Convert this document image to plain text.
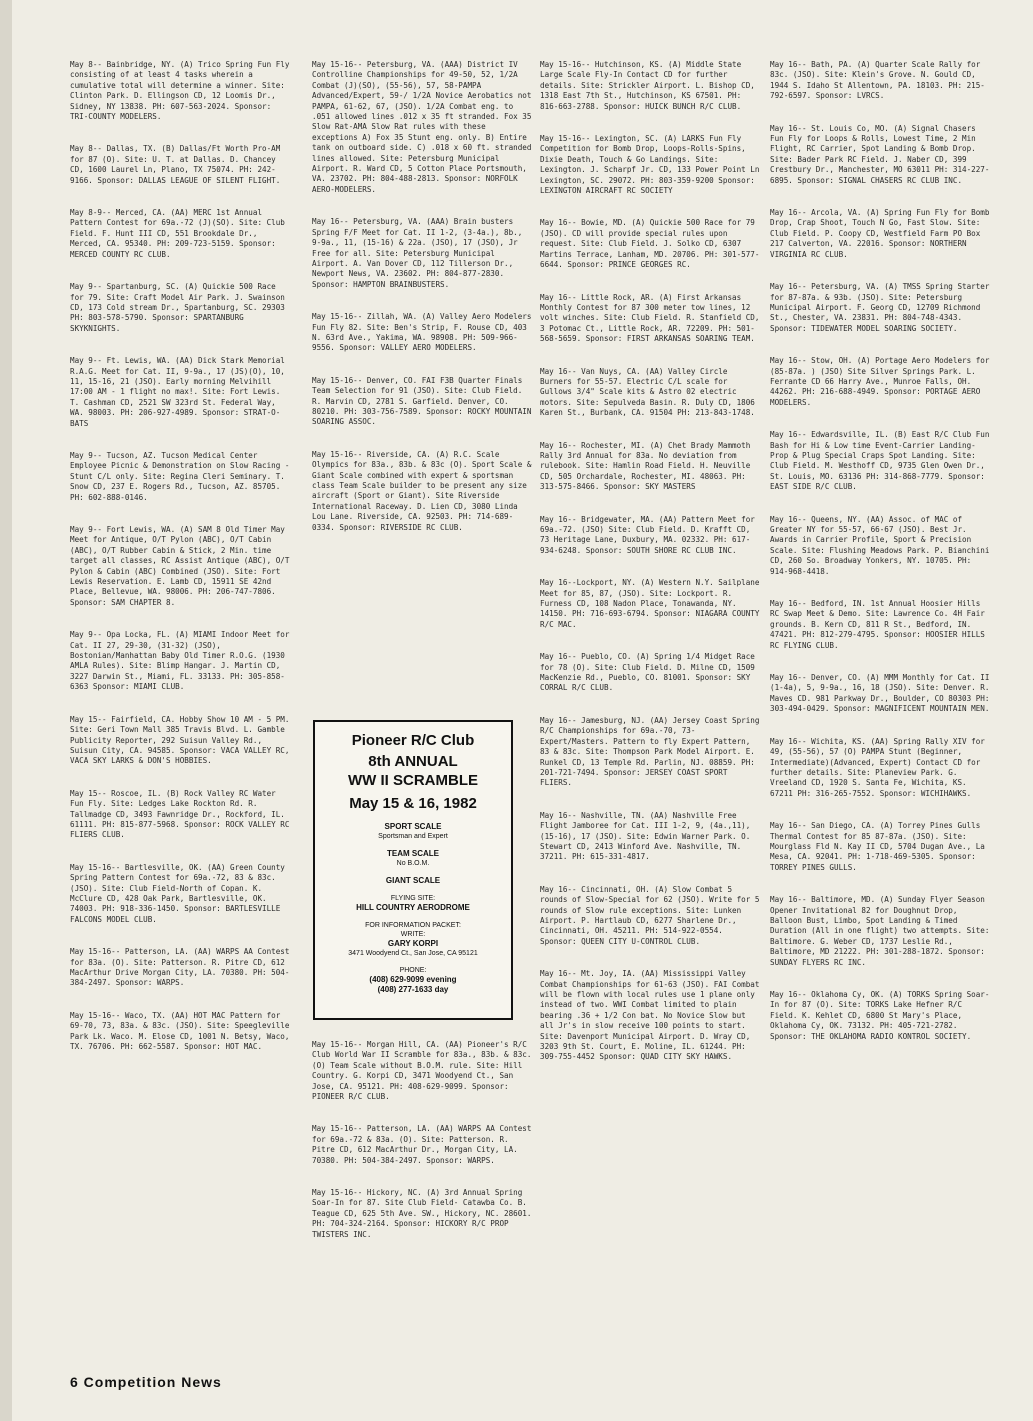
May 8-- Bainbridge, NY. (A) Trico Spring Fun Fly consisting of at least 4 tasks wherein a cumulative total will determine a winner. Site: Clinton Park. D. Ellingson CD, 12 Loomis Dr., Sidney, NY 13838. PH: 607-563-2024. Sponsor: TRI-COUNTY MODELERS.

May 8-- Dallas, TX. (B) Dallas/Ft Worth Pro-AM for 87 (O). Site: U. T. at Dallas. D. Chancey CD, 1600 Laurel Ln, Plano, TX 75074. PH: 242-9166. Sponsor: DALLAS LEAGUE OF SILENT FLIGHT.

May 8-9-- Merced, CA. (AA) MERC 1st Annual Pattern Contest for 69a.-72 (J)(SO). Site: Club Field. F. Hunt III CD, 551 Brookdale Dr., Merced, CA. 95340. PH: 209-723-5159. Sponsor: MERCED COUNTY RC CLUB.

May 9-- Spartanburg, SC. (A) Quickie 500 Race for 79. Site: Craft Model Air Park. J. Swainson CD, 173 Cold stream Dr., Spartanburg, SC. 29303 PH: 803-578-5790. Sponsor: SPARTANBURG SKYKNIGHTS.

May 9-- Ft. Lewis, WA. (AA) Dick Stark Memorial R.A.G. Meet for Cat. II, 9-9a., 17 (JS)(O), 10, 11, 15-16, 21 (JSO). Early morning Melvihill 17:00 AM - 1 flight no max!. Site: Fort Lewis. T. Cashman CD, 2521 SW 323rd St. Federal Way, WA. 98003. PH: 206-927-4989. Sponsor: STRAT-O-BATS

May 9-- Tucson, AZ. Tucson Medical Center Employee Picnic & Demonstration on Slow Racing - Stunt C/L only. Site: Regina Cleri Seminary. T. Snow CD, 237 E. Rogers Rd., Tucson, AZ. 85705. PH: 602-888-0146.

May 9-- Fort Lewis, WA. (A) SAM 8 Old Timer May Meet for Antique, O/T Pylon (ABC), O/T Cabin (ABC), O/T Rubber Cabin & Stick, 2 Min. time target all classes, RC Assist Antique (ABC), O/T Pylon & Cabin (ABC) Combined (JSO). Site: Fort Lewis Reservation. E. Lamb CD, 15911 SE 42nd Place, Bellevue, WA. 98006. PH: 206-747-7806. Sponsor: SAM CHAPTER 8.

May 9-- Opa Locka, FL. (A) MIAMI Indoor Meet for Cat. II 27, 29-30, (31-32) (JSO), Bostonian/Manhattan Baby Old Timer R.O.G. (1930 AMLA Rules). Site: Blimp Hangar. J. Martin CD, 3227 Darwin St., Miami, FL. 33133. PH: 305-858-6363 Sponsor: MIAMI CLUB.

May 15-- Fairfield, CA. Hobby Show 10 AM - 5 PM. Site: Geri Town Mall 385 Travis Blvd. L. Gamble Publicity Reporter, 292 Suisun Valley Rd., Suisun City, CA. 94585. Sponsor: VACA VALLEY RC, VACA SKY LARKS & DON'S HOBBIES.

May 15-- Roscoe, IL. (B) Rock Valley RC Water Fun Fly. Site: Ledges Lake Rockton Rd. R. Tallmadge CD, 3493 Fawnridge Dr., Rockford, IL. 61111. PH: 815-877-5968. Sponsor: ROCK VALLEY RC FLIERS CLUB.

May 15-16-- Bartlesville, OK. (AA) Green County Spring Pattern Contest for 69a.-72, 83 & 83c. (JSO). Site: Club Field-North of Copan. K. McClure CD, 428 Oak Park, Bartlesville, OK. 74003. PH: 918-336-1450. Sponsor: BARTLESVILLE FALCONS MODEL CLUB.

May 15-16-- Patterson, LA. (AA) WARPS AA Contest for 83a. (O). Site: Patterson. R. Pitre CD, 612 MacArthur Drive Morgan City, LA. 70380. PH: 504-384-2497. Sponsor: WARPS.

May 15-16-- Waco, TX. (AA) HOT MAC Pattern for 69-70, 73, 83a. & 83c. (JSO). Site: Speegleville Park Lk. Waco. M. Elose CD, 1001 N. Betsy, Waco, TX. 76706. PH: 662-5587. Sponsor: HOT MAC.

May 15-16-- Petersburg, VA. (AAA) District IV Controlline Championships for 49-50, 52, 1/2A Combat (J)(SO), (55-56), 57, 58-PAMPA Advanced/Expert, 59-/ 1/2A Novice Aerobatics not PAMPA, 61-62, 67, (JSO). 1/2A Combat eng. to .051 allowed lines .012 x 35 ft stranded. Fox 35 Slow Rat-AMA Slow Rat rules with these exceptions A) Fox 35 Stunt eng. only. B) Entire tank on outboard side. C) .018 x 60 ft. stranded lines allowed. Site: Petersburg Municipal Airport. R. Ward CD, 5 Cotton Place Portsmouth, VA. 23702. PH: 804-488-2813. Sponsor: NORFOLK AERO-MODELERS.

May 16-- Petersburg, VA. (AAA) Brain busters Spring F/F Meet for Cat. II 1-2, (3-4a.), 8b., 9-9a., 11, (15-16) & 22a. (JSO), 17 (JSO), Jr Free for all. Site: Petersburg Municipal Airport. A. Van Dover CD, 112 Tillerson Dr., Newport News, VA. 23602. PH: 804-877-2830. Sponsor: HAMPTON BRAINBUSTERS.

May 15-16-- Zillah, WA. (A) Valley Aero Modelers Fun Fly 82. Site: Ben's Strip, F. Rouse CD, 403 N. 63rd Ave., Yakima, WA. 98908. PH: 509-966-9556. Sponsor: VALLEY AERO MODELERS.

May 15-16-- Denver, CO. FAI F3B Quarter Finals Team Selection for 91 (JSO). Site: Club Field. R. Marvin CD, 2781 S. Garfield. Denver, CO. 80210. PH: 303-756-7589. Sponsor: ROCKY MOUNTAIN SOARING ASSOC.

May 15-16-- Riverside, CA. (A) R.C. Scale Olympics for 83a., 83b. & 83c (O). Sport Scale & Giant Scale combined with expert & sportsman class Team Scale builder to be present any size aircraft (Sport or Giant). Site Riverside International Raceway. D. Lien CD, 3080 Linda Lou Lane. Riverside, CA. 92503. PH: 714-689-0334. Sponsor: RIVERSIDE RC CLUB.

Pioneer R/C Club
8th ANNUAL
WW II SCRAMBLE
May 15 & 16, 1982
SPORT SCALE
Sportsman and Expert
TEAM SCALE
No B.O.M.
GIANT SCALE
FLYING SITE:
HILL COUNTRY AERODROME
FOR INFORMATION PACKET:
WRITE:
GARY KORPI
3471 Woodyend Ct., San Jose, CA 95121
PHONE:
(408) 629-9099 evening
(408) 277-1633 day

May 15-16-- Morgan Hill, CA. (AA) Pioneer's R/C Club World War II Scramble for 83a., 83b. & 83c. (O) Team Scale without B.O.M. rule. Site: Hill Country. G. Korpi CD, 3471 Woodyend Ct., San Jose, CA. 95121. PH: 408-629-9099. Sponsor: PIONEER R/C CLUB.

May 15-16-- Patterson, LA. (AA) WARPS AA Contest for 69a.-72 & 83a. (O). Site: Patterson. R. Pitre CD, 612 MacArthur Dr., Morgan City, LA. 70380. PH: 504-384-2497. Sponsor: WARPS.

May 15-16-- Hickory, NC. (A) 3rd Annual Spring Soar-In for 87. Site Club Field- Catawba Co. B. Teague CD, 625 5th Ave. SW., Hickory, NC. 28601. PH: 704-324-2164. Sponsor: HICKORY R/C PROP TWISTERS INC.

May 15-16-- Hutchinson, KS. (A) Middle State Large Scale Fly-In Contact CD for further details. Site: Strickler Airport. L. Bishop CD, 1318 East 7th St., Hutchinson, KS 67501. PH: 816-663-2788. Sponsor: HUICK BUNCH R/C CLUB.

May 15-16-- Lexington, SC. (A) LARKS Fun Fly Competition for Bomb Drop, Loops-Rolls-Spins, Dixie Death, Touch & Go Landings. Site: Lexington. J. Scharpf Jr. CD, 133 Power Point Ln Lexington, SC. 29072. PH: 803-359-9200 Sponsor: LEXINGTON AIRCRAFT RC SOCIETY

May 16-- Bowie, MD. (A) Quickie 500 Race for 79 (JSO). CD will provide special rules upon request. Site: Club Field. J. Solko CD, 6307 Martins Terrace, Lanham, MD. 20706. PH: 301-577-6644. Sponsor: PRINCE GEORGES RC.

May 16-- Little Rock, AR. (A) First Arkansas Monthly Contest for 87 300 meter tow lines, 12 volt winches. Site: Club Field. R. Stanfield CD, 3 Potomac Ct., Little Rock, AR. 72209. PH: 501-568-5659. Sponsor: FIRST ARKANSAS SOARING TEAM.

May 16-- Van Nuys, CA. (AA) Valley Circle Burners for 55-57. Electric C/L scale for Gullows 3/4" Scale kits & Astro 02 electric motors. Site: Sepulveda Basin. R. Duly CD, 1806 Karen St., Burbank, CA. 91504 PH: 213-843-1748.

May 16-- Rochester, MI. (A) Chet Brady Mammoth Rally 3rd Annual for 83a. No deviation from rulebook. Site: Hamlin Road Field. H. Neuville CD, 505 Orchardale, Rochester, MI. 48063. PH: 313-575-8466. Sponsor: SKY MASTERS

May 16-- Bridgewater, MA. (AA) Pattern Meet for 69a.-72. (JSO) Site: Club Field. D. Krafft CD, 73 Heritage Lane, Duxbury, MA. 02332. PH: 617-934-6248. Sponsor: SOUTH SHORE RC CLUB INC.

May 16--Lockport, NY. (A) Western N.Y. Sailplane Meet for 85, 87, (JSO). Site: Lockport. R. Furness CD, 108 Nadon Place, Tonawanda, NY. 14150. PH: 716-693-6794. Sponsor: NIAGARA COUNTY R/C MAC.

May 16-- Pueblo, CO. (A) Spring 1/4 Midget Race for 78 (O). Site: Club Field. D. Milne CD, 1509 MacKenzie Rd., Pueblo, CO. 81001. Sponsor: SKY CORRAL R/C CLUB.

May 16-- Jamesburg, NJ. (AA) Jersey Coast Spring R/C Championships for 69a.-70, 73-Expert/Masters. Pattern to fly Expert Pattern, 83 & 83c. Site: Thompson Park Model Airport. E. Runkel CD, 13 Temple Rd. Parlin, NJ. 08859. PH: 201-721-7494. Sponsor: JERSEY COAST SPORT FLIERS.

May 16-- Nashville, TN. (AA) Nashville Free Flight Jamboree for Cat. III 1-2, 9, (4a.,11), (15-16), 17 (JSO). Site: Edwin Warner Park. O. Stewart CD, 2413 Winford Ave. Nashville, TN. 37211. PH: 615-331-4817.

May 16-- Cincinnati, OH. (A) Slow Combat 5 rounds of Slow-Special for 62 (JSO). Write for 5 rounds of Slow rule exceptions. Site: Lunken Airport. P. Hartlaub CD, 6277 Sharlene Dr., Cincinnati, OH. 45211. PH: 514-922-0554. Sponsor: QUEEN CITY U-CONTROL CLUB.

May 16-- Mt. Joy, IA. (AA) Mississippi Valley Combat Championships for 61-63 (JSO). FAI Combat will be flown with local rules use 1 plane only instead of two. WWI Combat limited to plain bearing .36 + 1/2 Con bat. No Novice Slow but all Jr's in slow receive 100 points to start. Site: Davenport Municipal Airport. D. Wray CD, 3203 9th St. Court, E. Moline, IL. 61244. PH: 309-755-4452 Sponsor: QUAD CITY SKY HAWKS.

May 16-- Bath, PA. (A) Quarter Scale Rally for 83c. (JSO). Site: Klein's Grove. N. Gould CD, 1944 S. Idaho St Allentown, PA. 18103. PH: 215-792-6597. Sponsor: LVRCS.

May 16-- St. Louis Co, MO. (A) Signal Chasers Fun Fly for Loops & Rolls, Lowest Time, 2 Min Flight, RC Carrier, Spot Landing & Bomb Drop. Site: Bader Park RC Field. J. Naber CD, 399 Crestbury Dr., Manchester, MO 63011 PH: 314-227-6895. Sponsor: SIGNAL CHASERS RC CLUB INC.

May 16-- Arcola, VA. (A) Spring Fun Fly for Bomb Drop, Crap Shoot, Touch N Go, Fast Slow. Site: Club Field. P. Coopy CD, Westfield Farm PO Box 217 Calverton, VA. 22016. Sponsor: NORTHERN VIRGINIA RC CLUB.

May 16-- Petersburg, VA. (A) TMSS Spring Starter for 87-87a. & 93b. (JSO). Site: Petersburg Municipal Airport. F. Georg CD, 12709 Richmond St., Chester, VA. 23831. PH: 804-748-4343. Sponsor: TIDEWATER MODEL SOARING SOCIETY.

May 16-- Stow, OH. (A) Portage Aero Modelers for (85-87a. ) (JSO) Site Silver Springs Park. L. Ferrante CD 66 Harry Ave., Munroe Falls, OH. 44262. PH: 216-688-4949. Sponsor: PORTAGE AERO MODELERS.

May 16-- Edwardsville, IL. (B) East R/C Club Fun Bash for Hi & Low time Event-Carrier Landing-Prop & Plug Special Craps Spot Landing. Site: Club Field. M. Westhoff CD, 9735 Glen Owen Dr., St. Louis, MO. 63136 PH: 314-868-7779. Sponsor: EAST SIDE R/C CLUB.

May 16-- Queens, NY. (AA) Assoc. of MAC of Greater NY for 55-57, 66-67 (JSO). Best Jr. Awards in Carrier Profile, Sport & Precision Scale. Site: Flushing Meadows Park. P. Bianchini CD, 260 So. Broadway Yonkers, NY. 10705. PH: 914-968-4418.

May 16-- Bedford, IN. 1st Annual Hoosier Hills RC Swap Meet & Demo. Site: Lawrence Co. 4H Fair grounds. B. Kern CD, 811 R St., Bedford, IN. 47421. PH: 812-279-4795. Sponsor: HOOSIER HILLS RC FLYING CLUB.

May 16-- Denver, CO. (A) MMM Monthly for Cat. II (1-4a), 5, 9-9a., 16, 18 (JSO). Site: Denver. R. Maves CD. 981 Parkway Dr., Boulder, CO 80303 PH: 303-494-0429. Sponsor: MAGNIFICENT MOUNTAIN MEN.

May 16-- Wichita, KS. (AA) Spring Rally XIV for 49, (55-56), 57 (O) PAMPA Stunt (Beginner, Intermediate)(Advanced, Expert) Contact CD for further details. Site: Planeview Park. G. Vreeland CD, 1920 S. Santa Fe, Wichita, KS. 67211 PH: 316-265-7552. Sponsor: WICHIHAWKS.

May 16-- San Diego, CA. (A) Torrey Pines Gulls Thermal Contest for 85 87-87a. (JSO). Site: Mourglass Fld N. Kay II CD, 5704 Dugan Ave., La Mesa, CA. 92041. PH: 1-718-469-5305. Sponsor: TORREY PINES GULLS.

May 16-- Baltimore, MD. (A) Sunday Flyer Season Opener Invitational 82 for Doughnut Drop, Balloon Bust, Limbo, Spot Landing & Timed Duration (All in one flight) two attempts. Site: Baltimore. G. Weber CD, 1737 Leslie Rd., Baltimore, MD 21222. PH: 301-288-1872. Sponsor: SUNDAY FLYERS RC INC.

May 16-- Oklahoma Cy, OK. (A) TORKS Spring Soar-In for 87 (O). Site: TORKS Lake Hefner R/C Field. K. Kehlet CD, 6800 St Mary's Place, Oklahoma Cy, OK. 73132. PH: 405-721-2782. Sponsor: THE OKLAHOMA RADIO KONTROL SOCIETY.

6 Competition News
